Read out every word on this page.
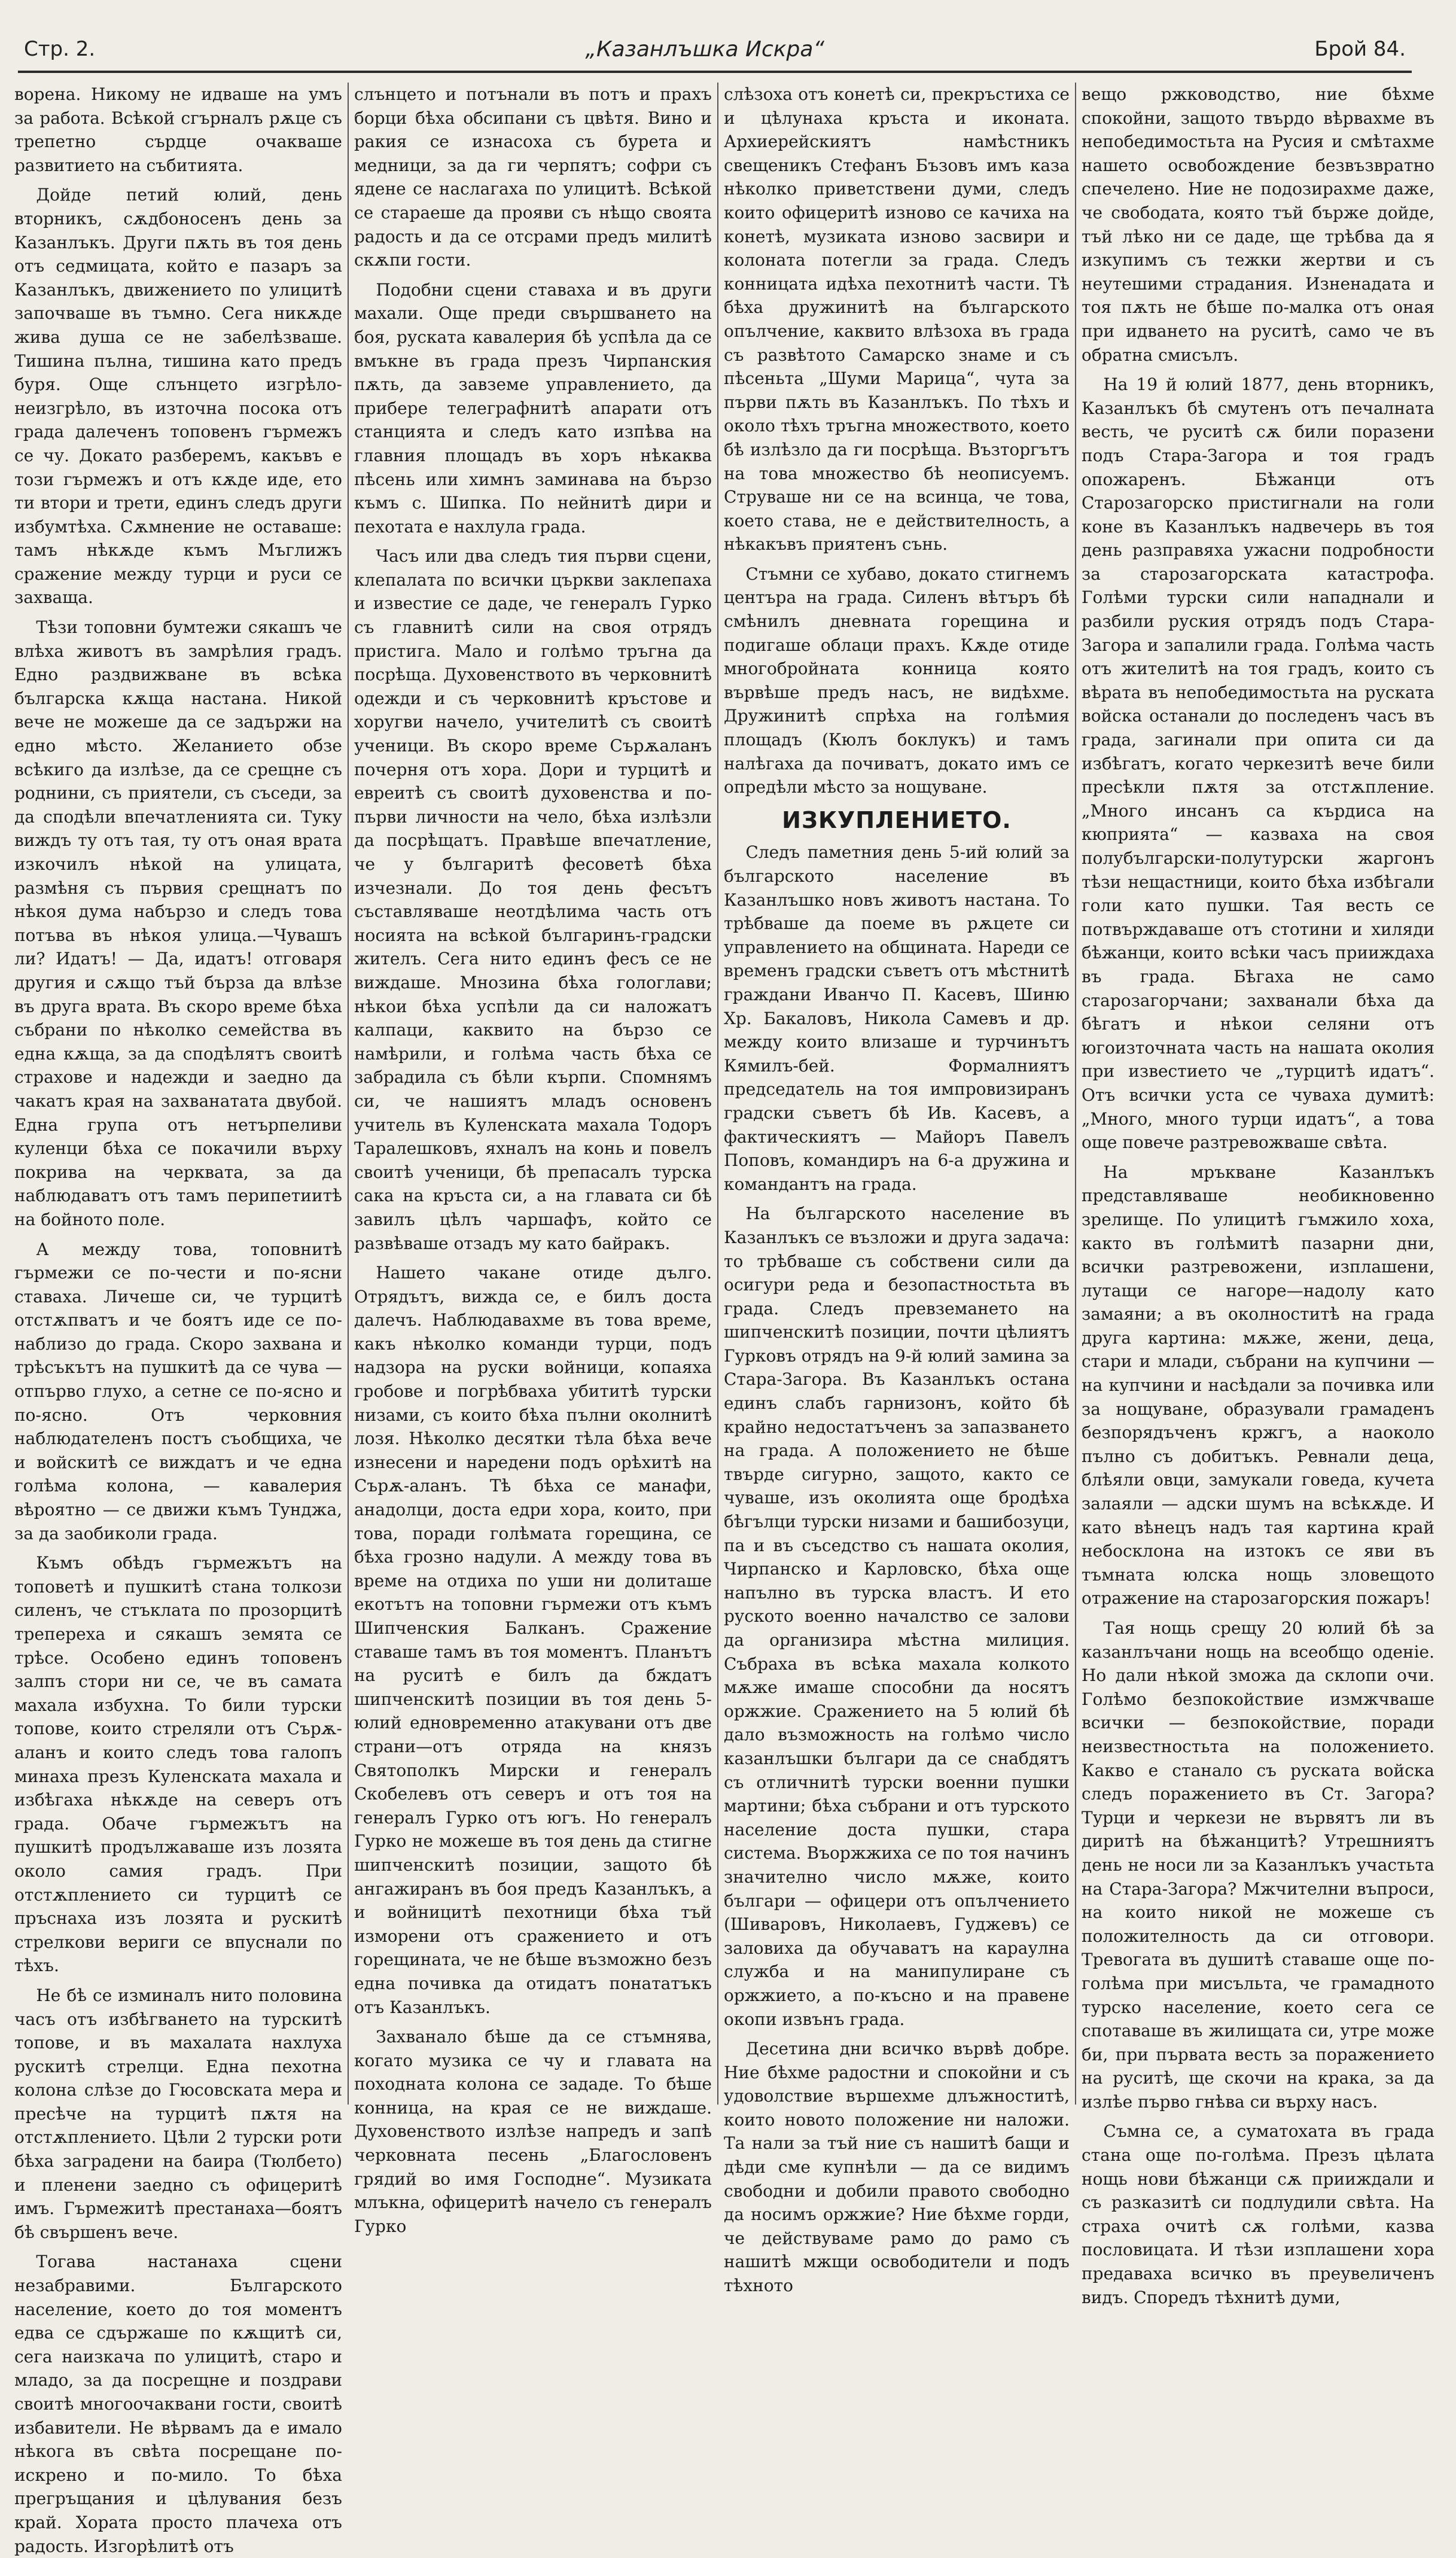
Стр. 2.	„Казанлъшка Искра“	Брой 84.

ворена. Никому не идваше на умъ за работа. Всѣкой сгърналъ рѫце съ трепетно сърдце очакваше развитието на събитията.

Дойде петий юлий, день вторникъ, сѫдбоносенъ день за Казанлъкъ. Други пѫть въ тоя день отъ седмицата, който е пазаръ за Казанлъкъ, движението по улицитѣ започваше въ тъмно. Сега никѫде жива душа се не забелѣзваше. Тишина пълна, тишина като предъ буря. Още слънцето изгрѣло-неизгрѣло, въ източна посока отъ града далеченъ топовенъ гърмежъ се чу. Докато разберемъ, какъвъ е този гърмежъ и отъ кѫде иде, ето ти втори и трети, единъ следъ други избумтѣха. Сѫмнение не оставаше: тамъ нѣкѫде къмъ Мъглижъ сражение между турци и руси се захваща.

Тѣзи топовни бумтежи сякашъ че влѣха животъ въ замрѣлия градъ. Едно раздвижване въ всѣка българска кѫща настана. Никой вече не можеше да се задържи на едно мѣсто. Желанието обзе всѣкиго да излѣзе, да се срещне съ роднини, съ приятели, съ съседи, за да сподѣли впечатленията си. Туку виждъ ту отъ тая, ту отъ оная врата изкочилъ нѣкой на улицата, размѣня съ първия срещнатъ по нѣкоя дума набързо и следъ това потъва въ нѣкоя улица.—Чувашъ ли? Идатъ! — Да, идатъ! отговаря другия и сѫщо тъй бърза да влѣзе въ друга врата. Въ скоро време бѣха събрани по нѣколко семейства въ една кѫща, за да сподѣлятъ своитѣ страхове и надежди и заедно да чакатъ края на захванатата двубой. Една група отъ нетърпеливи куленци бѣха се покачили върху покрива на черквата, за да наблюдаватъ отъ тамъ перипетиитѣ на бойното поле.

А между това, топовнитѣ гърмежи се по-чести и по-ясни ставаха. Личеше си, че турцитѣ отстѫпватъ и че боятъ иде се по-наблизо до града. Скоро захвана и трѣсъкътъ на пушкитѣ да се чува — отпърво глухо, а сетне се по-ясно и по-ясно. Отъ черковния наблюдателенъ постъ съобщиха, че и войскитѣ се виждатъ и че една голѣма колона, — кавалерия вѣроятно — се движи къмъ Тунджа, за да заобиколи града.

Къмъ обѣдъ гърмежътъ на топоветѣ и пушкитѣ стана толкози силенъ, че стъклата по прозорцитѣ трепереха и сякашъ земята се трѣсе. Особено единъ топовенъ залпъ стори ни се, че въ самата махала избухна. То били турски топове, които стреляли отъ Сърѫ-аланъ и които следъ това галопъ минаха презъ Куленската махала и избѣгаха нѣкѫде на северъ отъ града. Обаче гърмежътъ на пушкитѣ продължаваше изъ лозята около самия градъ. При отстѫплението си турцитѣ се пръснаха изъ лозята и рускитѣ стрелкови вериги се впуснали по тѣхъ.

Не бѣ се изминалъ нито половина часъ отъ избѣгването на турскитѣ топове, и въ махалата нахлуха рускитѣ стрелци. Една пехотна колона слѣзе до Гюсовската мера и пресѣче на турцитѣ пѫтя на отстѫплението. Цѣли 2 турски роти бѣха заградени на баира (Тюлбето) и пленени заедно съ офицеритѣ имъ. Гърмежитѣ престанаха—боятъ бѣ свършенъ вече.

Тогава настанаха сцени незабравими. Българското население, което до тоя моментъ едва се сдържаше по кѫщитѣ си, сега наизкача по улицитѣ, старо и младо, за да посрещне и поздрави своитѣ многоочаквани гости, своитѣ избавители. Не вѣрвамъ да е имало нѣкога въ свѣта посрещане по-искрено и по-мило. То бѣха прегръщания и цѣлувания безъ край. Хората просто плачеха отъ радость. Изгорѣлитѣ отъ

слънцето и потънали въ потъ и прахъ борци бѣха обсипани съ цвѣтя. Вино и ракия се изнасоха съ бурета и медници, за да ги черпятъ; софри съ ядене се наслагаха по улицитѣ. Всѣкой се стараеше да прояви съ нѣщо своята радость и да се отсрами предъ милитѣ скѫпи гости.

Подобни сцени ставаха и въ други махали. Още преди свършването на боя, руската кавалерия бѣ успѣла да се вмъкне въ града презъ Чирпанския пѫть, да завземе управлението, да прибере телеграфнитѣ апарати отъ станцията и следъ като изпѣва на главния площадъ въ хоръ нѣкаква пѣсень или химнъ заминава на бързо къмъ с. Шипка. По нейнитѣ дири и пехотата е нахлула града.

Часъ или два следъ тия първи сцени, клепалата по всички църкви заклепаха и известие се даде, че генералъ Гурко съ главнитѣ сили на своя отрядъ пристига. Мало и голѣмо тръгна да посрѣща. Духовенството въ черковнитѣ одежди и съ черковнитѣ кръстове и хоругви начело, учителитѣ съ своитѣ ученици. Въ скоро време Сърѫаланъ почерня отъ хора. Дори и турцитѣ и евреитѣ съ своитѣ духовенства и по-първи личности на чело, бѣха излѣзли да посрѣщатъ. Правѣше впечатление, че у българитѣ фесоветѣ бѣха изчезнали. До тоя день фесътъ съставляваше неотдѣлима часть отъ носията на всѣкой българинъ-градски жителъ. Сега нито единъ фесъ се не виждаше. Мнозина бѣха гологлави; нѣкои бѣха успѣли да си наложатъ калпаци, каквито на бързо се намѣрили, и голѣма часть бѣха се забрадила съ бѣли кърпи. Спомнямъ си, че нашиятъ младъ основенъ учитель въ Куленската махала Тодоръ Тарaлешковъ, яхналъ на конь и повелъ своитѣ ученици, бѣ препасалъ турска сака на кръста си, а на главата си бѣ завилъ цѣлъ чаршафъ, който се развѣваше отзадъ му като байракъ.

Нашето чакане отиде дълго. Отрядътъ, виждa се, е билъ доста далечъ. Наблюдавахме въ това време, какъ нѣколко команди турци, подъ надзора на руски войници, копаяха гробове и погрѣбваха убититѣ турски низами, съ които бѣха пълни околнитѣ лозя. Нѣколко десятки тѣла бѣха вече изнесени и наредени подъ орѣхитѣ на Сърѫ-аланъ. Тѣ бѣха се манафи, анадолци, доста едри хора, които, при това, поради голѣмата горещина, се бѣха грозно надули. А между това въ време на отдиха по уши ни долиташе екотътъ на топовни гърмежи отъ къмъ Шипченския Балканъ. Сражение ставаше тамъ въ тоя моментъ. Планътъ на руситѣ е билъ да бждатъ шипченскитѣ позиции въ тоя день 5-юлий едновременно атакувани отъ две страни—отъ отряда на князъ Святополкъ Мирски и генералъ Скобелевъ отъ северъ и отъ тоя на генералъ Гурко отъ югъ. Но генералъ Гурко не можеше въ тоя день да стигне шипченскитѣ позиции, защото бѣ ангажиранъ въ боя предъ Казанлъкъ, а и войницитѣ пехотници бѣха тъй изморени отъ сражението и отъ горещината, че не бѣше възможно безъ една почивка да отидатъ понататъкъ отъ Казанлъкъ.

Захванало бѣше да се стъмнява, когато музика се чу и главата на походната колона се зададе. То бѣше конница, на края се не виждаше. Духовенството излѣзе напредъ и запѣ черковната песень „Благословенъ грядий во имя Господне“. Музиката млъкна, офицеритѣ начело съ генералъ Гурко

слѣзоха отъ конетѣ си, прекръстиха се и цѣлунаха кръста и иконата. Архиерейскиятъ намѣстникъ свещеникъ Стефанъ Бъзовъ имъ каза нѣколко приветствени думи, следъ които офицеритѣ изново се качиха на конетѣ, музиката изново засвири и колоната потегли за града. Следъ конницата идѣха пехотнитѣ части. Тѣ бѣха дружинитѣ на българското опълчение, каквито влѣзоха въ града съ развѣтото Самарско знаме и съ пѣсеньта „Шуми Марица“, чута за първи пѫть въ Казанлъкъ. По тѣхъ и около тѣхъ тръгна множеството, което бѣ излѣзло да ги посрѣща. Възторгътъ на това множество бѣ неописуемъ. Струваше ни се на всинца, че това, което става, не е действителность, а нѣкакъвъ приятенъ сънь.

Стъмни се хубаво, докато стигнемъ центъра на града. Силенъ вѣтъръ бѣ смѣнилъ дневната горещина и подигаше облаци прахъ. Кѫде отиде многобройната конница която вървѣше предъ насъ, не видѣхме. Дружинитѣ спрѣха на голѣмия площадъ (Кюлъ боклукъ) и тамъ налѣгаха да почиватъ, докато имъ се опредѣли мѣсто за нощуване.

ИЗКУПЛЕНИЕТО.

Следъ паметния день 5-ий юлий за българското население въ Казанлъшко новъ животъ настана. То трѣбваше да поеме въ рѫцете си управлението на общината. Нареди се временъ градски съветъ отъ мѣстнитѣ граждани Иванчо П. Касевъ, Шиню Хр. Бакаловъ, Никола Самевъ и др. между които влизаше и турчинътъ Кямилъ-бей. Формалниятъ председатель на тоя импровизиранъ градски съветъ бѣ Ив. Касевъ, а фактическиятъ — Майоръ Павелъ Поповъ, командиръ на 6-а дружина и командантъ на града.

На българското население въ Казанлъкъ се възложи и друга задача: то трѣбваше съ собствени сили да осигури реда и безопастностьта въ града. Следъ превземането на шипченскитѣ позиции, почти цѣлиятъ Гурковъ отрядъ на 9-й юлий замина за Стара-Загора. Въ Казанлъкъ остана единъ слабъ гарнизонъ, който бѣ крайно недостатъченъ за запазването на града. А положението не бѣше твърде сигурно, защото, както се чуваше, изъ околията още бродѣха бѣгълци турски низами и башибозуци, па и въ съседство съ нашата околия, Чирпанско и Карловско, бѣха още напълно въ турска властъ. И ето руското военно началство се залови да организира мѣстна милиция. Събраха въ всѣка махала колкото мѫже имаше способни да носятъ оржжие. Сражението на 5 юлий бѣ дало възможность на голѣмо число казанлъшки българи да се снабдятъ съ отличнитѣ турски военни пушки мартини; бѣха събрани и отъ турското население доста пушки, стара система. Въоржжиха се по тоя начинъ значително число мѫже, които българи — офицери отъ опълчението (Шиваровъ, Николаевъ, Гуджевъ) се заловиха да обучаватъ на караулна служба и на манипулиране съ оржжието, а по-късно и на правене окопи извънъ града.

Десетина дни всичко вървѣ добре. Ние бѣхме радостни и спокойни и съ удоволствие вършехме длъжноститѣ, които новото положение ни налoжи. Та нали за тъй ние съ нашитѣ бащи и дѣди сме купнѣли — да се видимъ свободни и добили правото свободно да носимъ оржжие? Ние бѣхме горди, че действуваме рамо до рамо съ нашитѣ мжщи освободители и подъ тѣхното

вещо ржководство, ние бѣхме спокойни, защото твърдо вѣрвахме въ непобедимостьта на Русия и смѣтахме нашето освобождение безвъзвратно спечелено. Ние не подозирахме даже, че свободата, която тъй бърже дойде, тъй лѣко ни се даде, ще трѣбва да я изкупимъ съ тежки жертви и съ неутешими страдания. Изненадата и тоя пѫть не бѣше по-малка отъ оная при идването на руситѣ, само че въ обратна смисълъ.

На 19 й юлий 1877, день вторникъ, Казанлъкъ бѣ смутенъ отъ печалната весть, че руситѣ сѫ били поразени подъ Стара-Загора и тоя градъ опожаренъ. Бѣжанци отъ Старозагорско пристигнали на голи коне въ Казанлъкъ надвечерь въ тоя день разправяха ужасни подробности за старозагорската катастрофа. Голѣми турски сили нападнали и разбили руския отрядъ подъ Стара-Загора и запалили града. Голѣма часть отъ жителитѣ на тоя градъ, които съ вѣрата въ непобедимостьта на руската войска останали до последенъ часъ въ града, загинали при опита си да избѣгатъ, когато черкезитѣ вече били пресѣкли пѫтя за отстѫпление. „Много инсанъ са кърдиса на кюприята“ — казваха на своя полубългарски-полутурски жаргонъ тѣзи нещастници, които бѣха избѣгали голи като пушки. Тая весть се потвърждаваше отъ стотини и хиляди бѣжанци, които всѣки часъ прииждаха въ града. Бѣгаха не само старозагорчани; захванали бѣха да бѣгатъ и нѣкои селяни отъ югоизточната часть на нашата околия при известието че „турцитѣ идатъ“. Отъ всички уста се чуваха думитѣ: „Много, много турци идатъ“, а това още повече разтревожваше свѣта.

На мръкване Казанлъкъ представляваше необикновенно зрелище. По улицитѣ гъмжило хоха, както въ голѣмитѣ пазарни дни, всички разтревожени, изплашени, лутащи се нагоре—надолу като замаяни; а въ околноститѣ на града друга картина: мѫже, жени, деца, стари и млади, събрани на купчини — на купчини и насѣдали за почивка или за нощуване, образували грамаденъ безпорядъченъ кржгъ, а наоколо пълно съ добитъкъ. Ревнали деца, блѣяли овци, замукали говеда, кучета залаяли — адски шумъ на всѣкѫде. И като вѣнецъ надъ тая картина край небосклона на изтокъ се яви въ тъмната юлска нощь зловещото отражение на старозагорския пожаръ!

Тая нощь срещу 20 юлий бѣ за казанлъчани нощь на всеобщо оденіе. Но дали нѣкой зможа да склопи очи. Голѣмо безпокойствие измжчваше всички — безпокойствие, поради неизвестностьта на положението. Какво е станало съ руската войска следъ поражението въ Ст. Загора? Турци и черкези не вървятъ ли въ диритѣ на бѣжанцитѣ? Утрешниятъ день не носи ли за Казанлъкъ участьта на Стара-Загора? Мжчителни въпроси, на които никой не можеше съ положителность да си отговори. Тревогата въ душитѣ ставаше още по-голѣма при мисъльта, че грамадното турско население, което сега се спотаваше въ жилищата си, утре може би, при първата весть за поражението на руситѣ, ще скочи на крака, за да излѣе първо гнѣва си върху насъ.

Съмна се, а суматохата въ града стана още по-голѣма. Презъ цѣлата нощь нови бѣжанци сѫ прииждали и съ разказитѣ си подлудили свѣта. На страха очитѣ сѫ голѣми, казва пословицата. И тѣзи изплашени хора предаваха всичко въ преувеличенъ видъ. Споредъ тѣхнитѣ думи,
